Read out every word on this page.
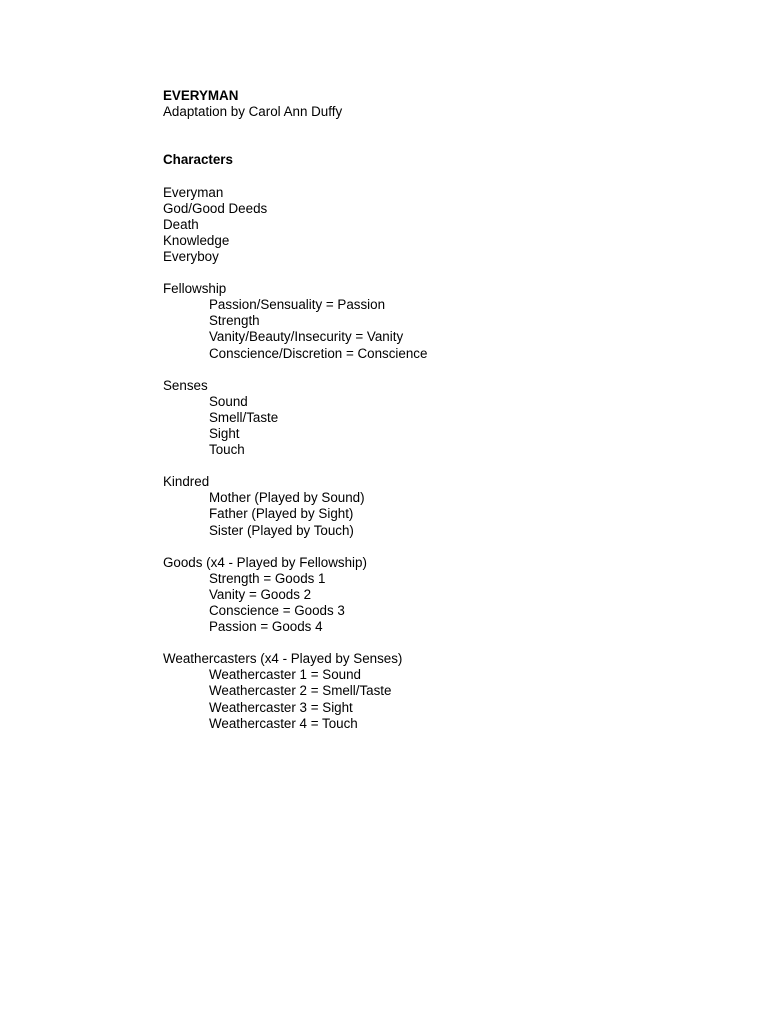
EVERYMAN
Adaptation by Carol Ann Duffy
Characters
Everyman
God/Good Deeds
Death
Knowledge
Everyboy
Fellowship
Passion/Sensuality = Passion
Strength
Vanity/Beauty/Insecurity = Vanity
Conscience/Discretion = Conscience
Senses
Sound
Smell/Taste
Sight
Touch
Kindred
Mother (Played by Sound)
Father (Played by Sight)
Sister (Played by Touch)
Goods (x4 - Played by Fellowship)
Strength = Goods 1
Vanity = Goods 2
Conscience = Goods 3
Passion = Goods 4
Weathercasters (x4 - Played by Senses)
Weathercaster 1 = Sound
Weathercaster 2 = Smell/Taste
Weathercaster 3 = Sight
Weathercaster 4 = Touch
